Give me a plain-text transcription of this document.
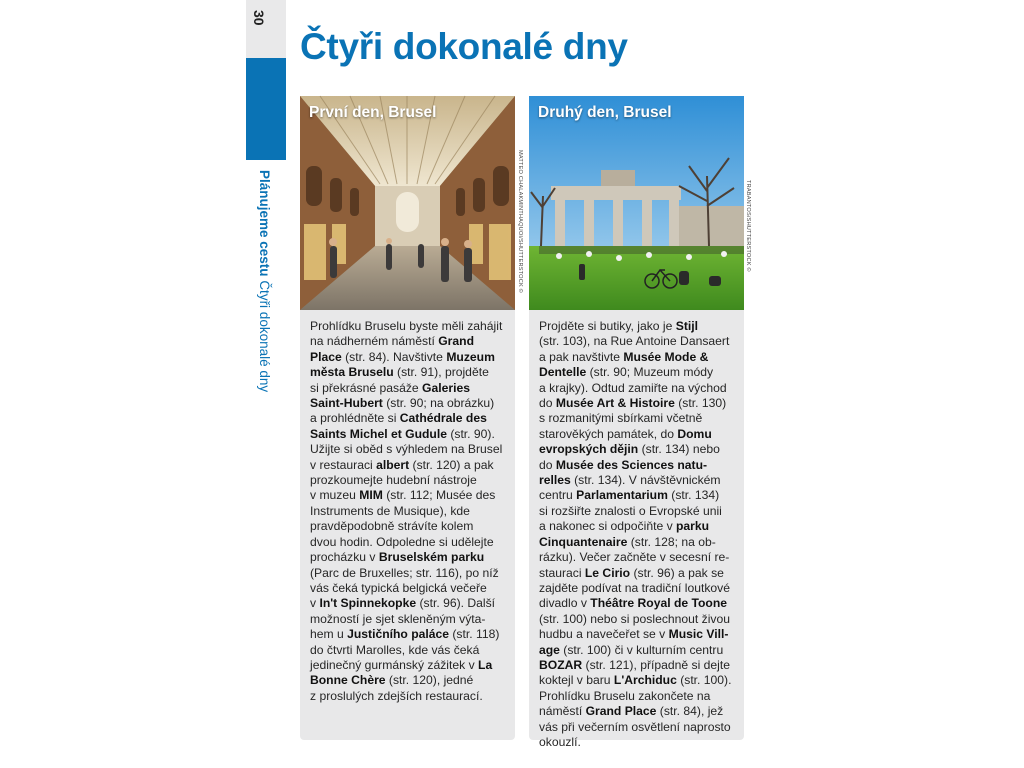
30
Plánujeme cestu Čtyři dokonalé dny
Čtyři dokonalé dny
První den, Brusel

Prohlídku Bruselu byste měli zahájit

na nádherném náměstí Grand

Place (str. 84). Navštivte Muzeum

města Bruselu (str. 91), projděte

si překrásné pasáže Galeries

Saint-Hubert (str. 90; na obrázku)

a prohlédněte si Cathédrale des

Saints Michel et Gudule (str. 90).

Užijte si oběd s výhledem na Brusel

v restauraci albert (str. 120) a pak

prozkoumejte hudební nástroje

v muzeu MIM (str. 112; Musée des

Instruments de Musique), kde

pravděpodobně strávíte kolem

dvou hodin. Odpoledne si udělejte

procházku v Bruselském parku

(Parc de Bruxelles; str. 116), po níž

vás čeká typická belgická večeře

v In't Spinnekopke (str. 96). Další

možností je sjet skleněným výta-

hem u Justičního paláce (str. 118)

do čtvrti Marolles, kde vás čeká

jedinečný gurmánský zážitek v La

Bonne Chère (str. 120), jedné

z proslulých zdejších restaurací.

MATTEO CHALAKMINTHAQUOI/SHUTTERSTOCK ©
Druhý den, Brusel

Projděte si butiky, jako je Stijl

(str. 103), na Rue Antoine Dansaert

a pak navštivte Musée Mode &

Dentelle (str. 90; Muzeum módy

a krajky). Odtud zamiřte na východ

do Musée Art & Histoire (str. 130)

s rozmanitými sbírkami včetně

starověkých památek, do Domu

evropských dějin (str. 134) nebo

do Musée des Sciences natu-

relles (str. 134). V návštěvnickém

centru Parlamentarium (str. 134)

si rozšiřte znalosti o Evropské unii

a nakonec si odpočiňte v parku

Cinquantenaire (str. 128; na ob-

rázku). Večer začněte v secesní re-

stauraci Le Cirio (str. 96) a pak se

zajděte podívat na tradiční loutkové

divadlo v Théâtre Royal de Toone

(str. 100) nebo si poslechnout živou

hudbu a navečeřet se v Music Vill-

age (str. 100) či v kulturním centru

BOZAR (str. 121), případně si dejte

koktejl v baru L'Archiduc (str. 100).

Prohlídku Bruselu zakončete na

náměstí Grand Place (str. 84), jež

vás při večerním osvětlení naprosto

okouzlí.

TRABANTOS/SHUTTERSTOCK ©
